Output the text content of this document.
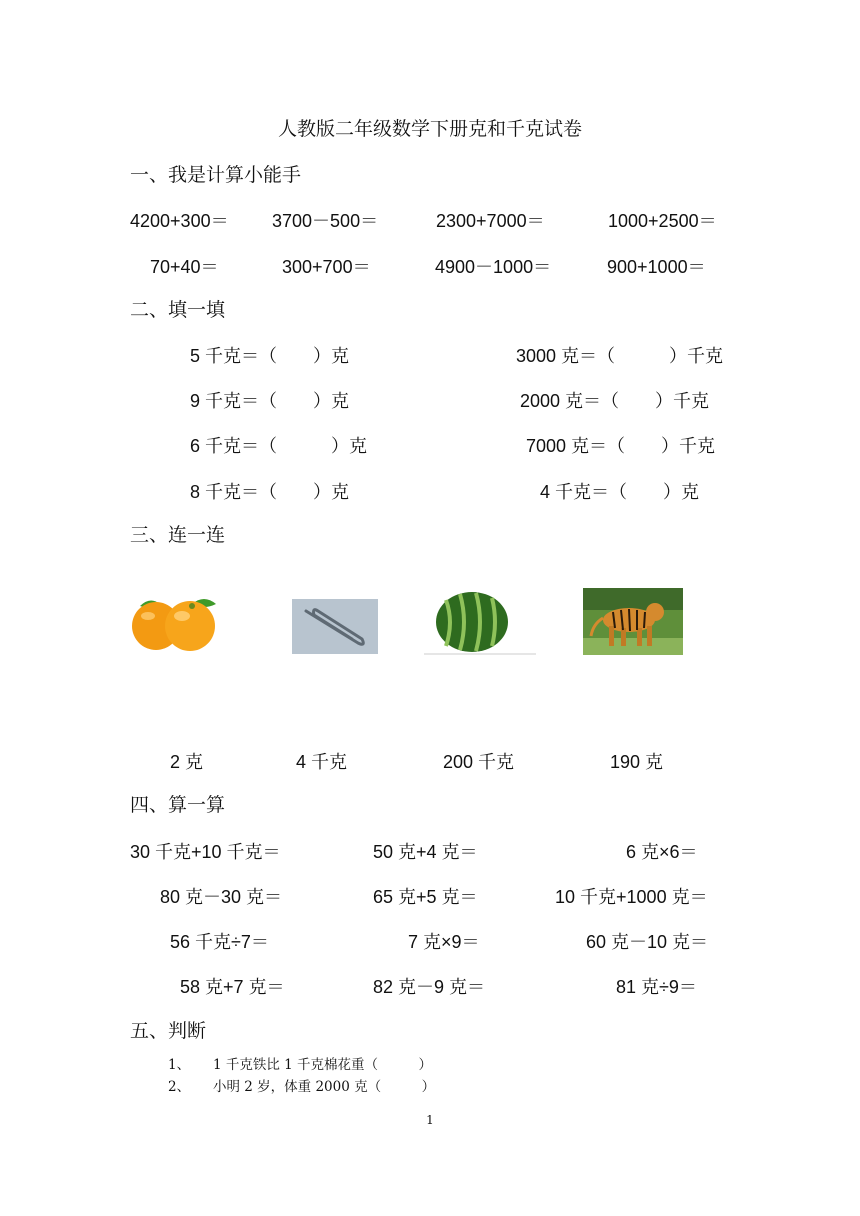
人教版二年级数学下册克和千克试卷
一、我是计算小能手
4200+300＝ 3700－500＝	2300+7000＝	1000+2500＝
70+40＝	300+700＝	4900－1000＝	900+1000＝
二、填一填
5 千克＝（　　）克	3000 克＝（　　　）千克
9 千克＝（　　）克	2000 克＝（　　）千克
6 千克＝（　　　）克	7000 克＝（　　）千克
8 千克＝（　　）克	4 千克＝（　　）克
三、连一连
2 克	4 千克	200 千克	190 克
四、算一算
30 千克+10 千克＝	50 克+4 克＝	6 克×6＝
80 克－30 克＝	65 克+5 克＝	10 千克+1000 克＝
56 千克÷7＝	7 克×9＝	60 克－10 克＝
58 克+7 克＝	82 克－9 克＝	81 克÷9＝
五、判断
1、 1 千克铁比 1 千克棉花重（　　　）
2、 小明 2 岁，体重 2000 克（　　　）
1
